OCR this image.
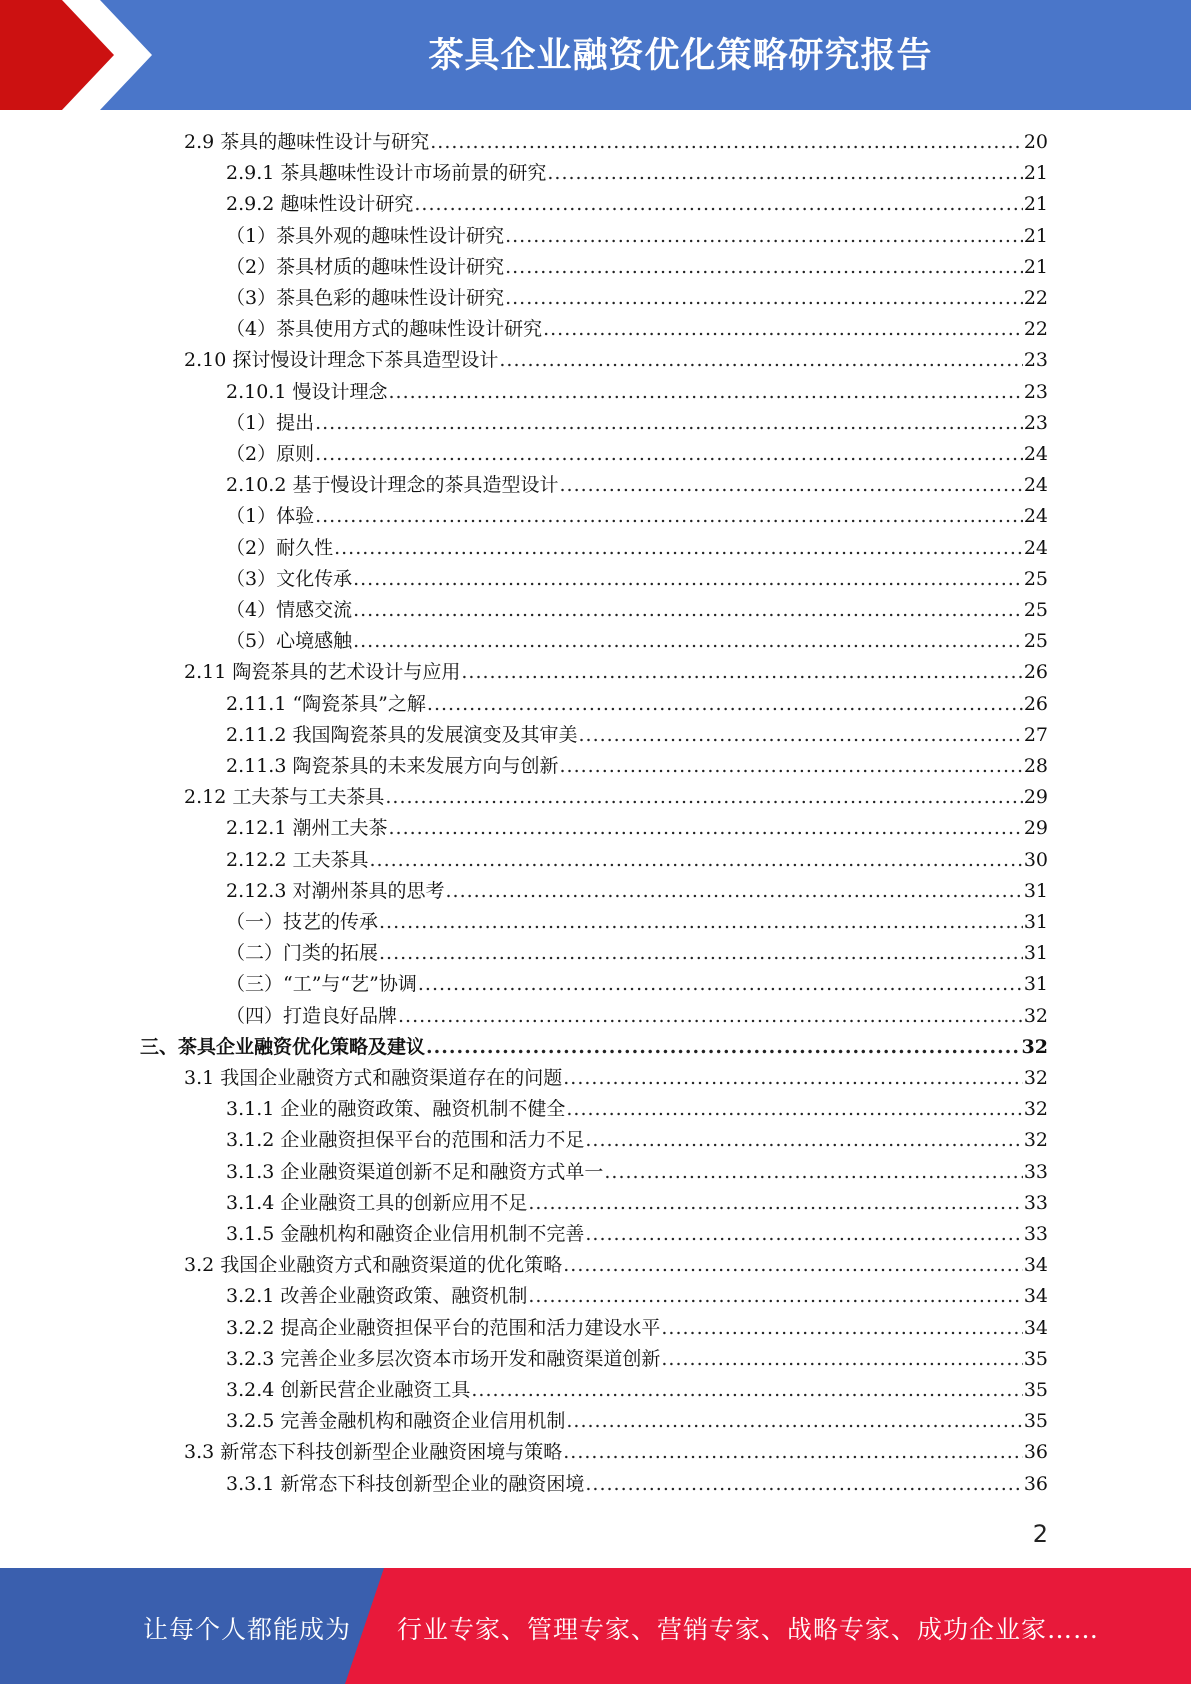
茶具企业融资优化策略研究报告
2.9 茶具的趣味性设计与研究 .....	20
2.9.1 茶具趣味性设计市场前景的研究 .....	21
2.9.2 趣味性设计研究 .....	21
（1）茶具外观的趣味性设计研究 .....	21
（2）茶具材质的趣味性设计研究 .....	21
（3）茶具色彩的趣味性设计研究 .....	22
（4）茶具使用方式的趣味性设计研究 .....	22
2.10 探讨慢设计理念下茶具造型设计 .....	23
2.10.1 慢设计理念 .....	23
（1）提出 .....	23
（2）原则 .....	24
2.10.2 基于慢设计理念的茶具造型设计 .....	24
（1）体验 .....	24
（2）耐久性 .....	24
（3）文化传承 .....	25
（4）情感交流 .....	25
（5）心境感触 .....	25
2.11 陶瓷茶具的艺术设计与应用 .....	26
2.11.1 “陶瓷茶具”之解 .....	26
2.11.2 我国陶瓷茶具的发展演变及其审美 .....	27
2.11.3 陶瓷茶具的未来发展方向与创新 .....	28
2.12 工夫茶与工夫茶具 .....	29
2.12.1 潮州工夫茶 .....	29
2.12.2 工夫茶具 .....	30
2.12.3 对潮州茶具的思考 .....	31
（一）技艺的传承 .....	31
（二）门类的拓展 .....	31
（三）“工”与“艺”协调 .....	31
（四）打造良好品牌 .....	32
三、茶具企业融资优化策略及建议 .....	32
3.1 我国企业融资方式和融资渠道存在的问题 .....	32
3.1.1 企业的融资政策、融资机制不健全 .....	32
3.1.2 企业融资担保平台的范围和活力不足 .....	32
3.1.3 企业融资渠道创新不足和融资方式单一 .....	33
3.1.4 企业融资工具的创新应用不足 .....	33
3.1.5 金融机构和融资企业信用机制不完善 .....	33
3.2 我国企业融资方式和融资渠道的优化策略 .....	34
3.2.1 改善企业融资政策、融资机制 .....	34
3.2.2 提高企业融资担保平台的范围和活力建设水平 .....	34
3.2.3 完善企业多层次资本市场开发和融资渠道创新 .....	35
3.2.4 创新民营企业融资工具 .....	35
3.2.5 完善金融机构和融资企业信用机制 .....	35
3.3 新常态下科技创新型企业融资困境与策略 .....	36
3.3.1 新常态下科技创新型企业的融资困境 .....	36
2
让每个人都能成为 行业专家、管理专家、营销专家、战略专家、成功企业家……
